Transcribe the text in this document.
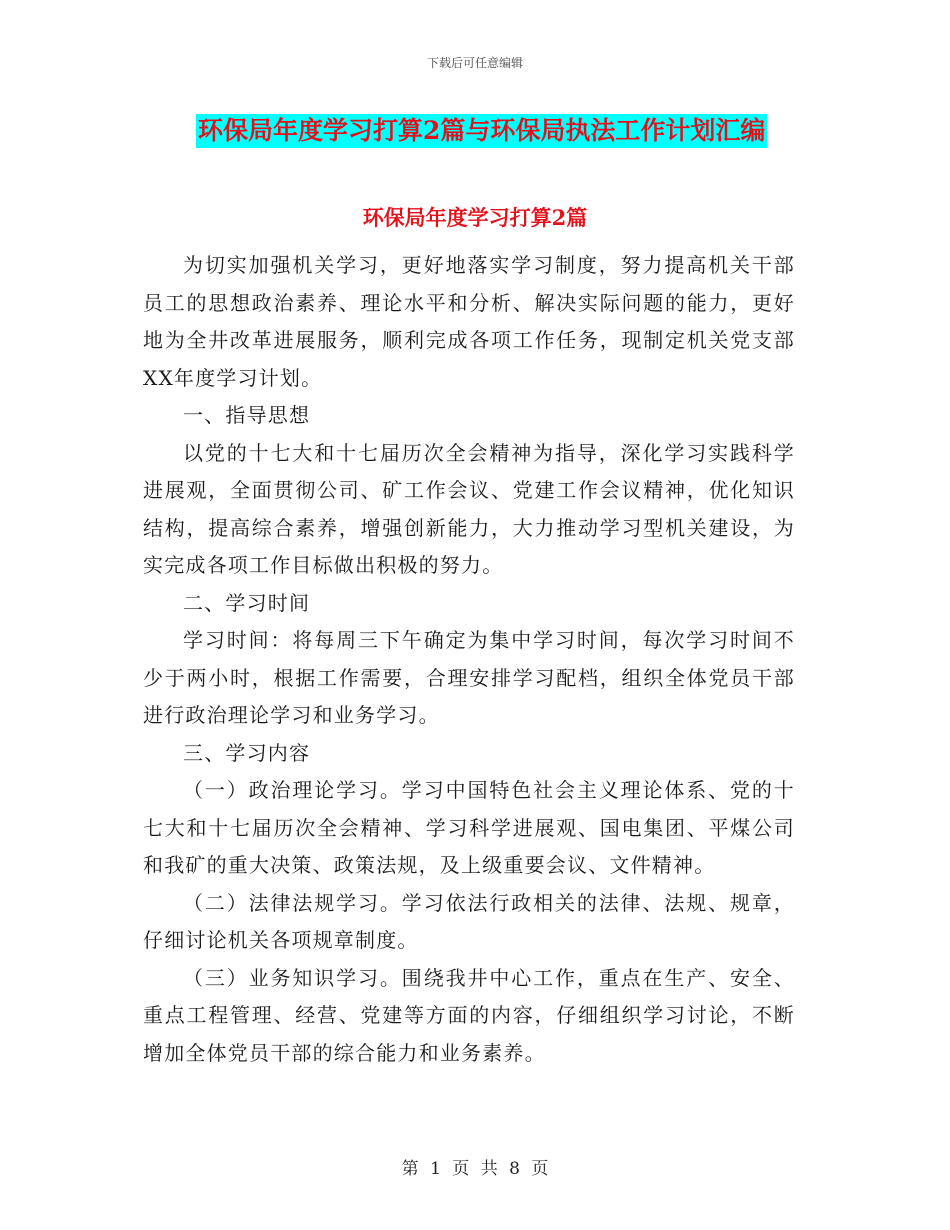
下载后可任意编辑
环保局年度学习打算2篇与环保局执法工作计划汇编
环保局年度学习打算2篇

为切实加强机关学习，更好地落实学习制度，努力提高机关干部员工的思想政治素养、理论水平和分析、解决实际问题的能力，更好地为全井改革进展服务，顺利完成各项工作任务，现制定机关党支部XX年度学习计划。

一、指导思想

以党的十七大和十七届历次全会精神为指导，深化学习实践科学进展观，全面贯彻公司、矿工作会议、党建工作会议精神，优化知识结构，提高综合素养，增强创新能力，大力推动学习型机关建设，为实完成各项工作目标做出积极的努力。

二、学习时间

学习时间：将每周三下午确定为集中学习时间，每次学习时间不少于两小时，根据工作需要，合理安排学习配档，组织全体党员干部进行政治理论学习和业务学习。

三、学习内容

（一）政治理论学习。学习中国特色社会主义理论体系、党的十七大和十七届历次全会精神、学习科学进展观、国电集团、平煤公司和我矿的重大决策、政策法规，及上级重要会议、文件精神。

（二）法律法规学习。学习依法行政相关的法律、法规、规章，仔细讨论机关各项规章制度。

（三）业务知识学习。围绕我井中心工作，重点在生产、安全、重点工程管理、经营、党建等方面的内容，仔细组织学习讨论，不断增加全体党员干部的综合能力和业务素养。

第 1 页 共 8 页
